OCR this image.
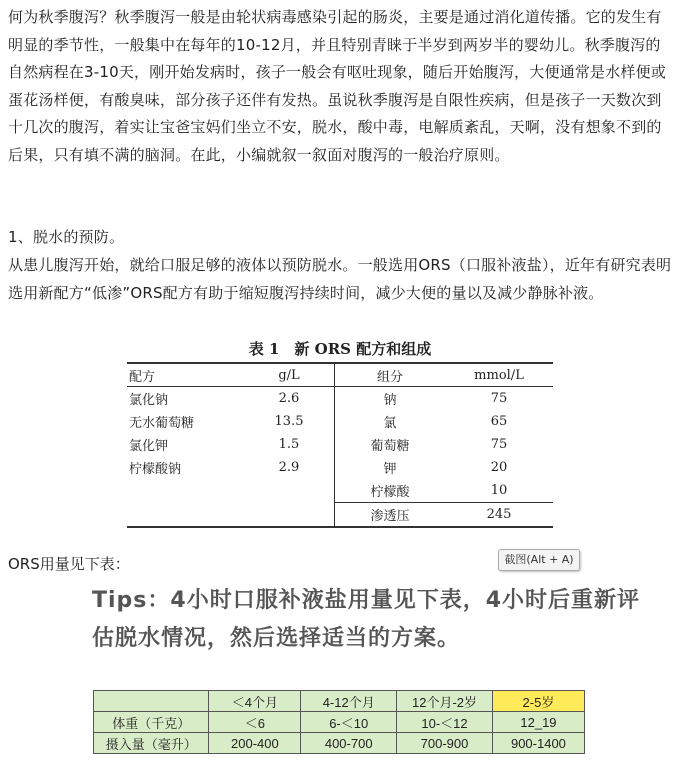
何为秋季腹泻？秋季腹泻一般是由轮状病毒感染引起的肠炎，主要是通过消化道传播。它的发生有明显的季节性，一般集中在每年的10-12月，并且特别青睐于半岁到两岁半的婴幼儿。秋季腹泻的自然病程在3-10天，刚开始发病时，孩子一般会有呕吐现象，随后开始腹泻，大便通常是水样便或蛋花汤样便，有酸臭味，部分孩子还伴有发热。虽说秋季腹泻是自限性疾病，但是孩子一天数次到十几次的腹泻，着实让宝爸宝妈们坐立不安，脱水，酸中毒，电解质紊乱，天啊，没有想象不到的后果，只有填不满的脑洞。在此，小编就叙一叙面对腹泻的一般治疗原则。

1、脱水的预防。

从患儿腹泻开始，就给口服足够的液体以预防脱水。一般选用ORS（口服补液盐），近年有研究表明选用新配方“低渗”ORS配方有助于缩短腹泻持续时间，减少大便的量以及减少静脉补液。

表 1　新 ORS 配方和组成
配方	g/L	组分	mmol/L
氯化钠	2.6	钠	75
无水葡萄糖	13.5	氯	65
氯化钾	1.5	葡萄糖	75
柠檬酸钠	2.9	钾	20
		柠檬酸	10
		渗透压	245
ORS用量见下表：	截图(Alt + A)
Tips：4小时口服补液盐用量见下表，4小时后重新评估脱水情况，然后选择适当的方案。
	＜4个月	4-12个月	12个月-2岁	2-5岁
体重（千克）	＜6	6-＜10	10-＜12	12_19
摄入量（毫升）	200-400	400-700	700-900	900-1400
